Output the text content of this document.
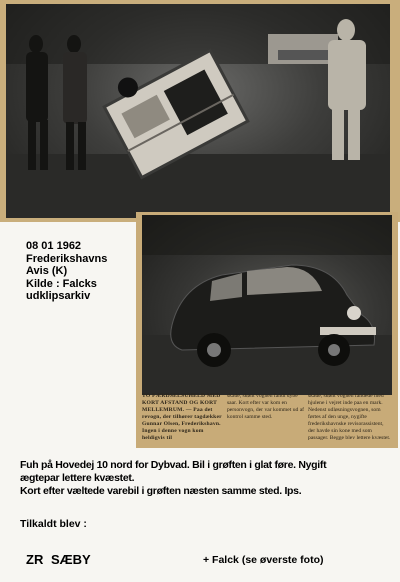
TO FÆRDSELSUHELD MED KORT AFSTAND OG KORT MELLEMRUM. — Paa det revogn, der tilhører tagdækker Gunnar Olsen, Frederikshavn. Ingen i denne vogn kom heldigvis til
skade, skønt vognen fandt dybe saar. Kort efter var kom en personvogn, der var kommet ud af kontrol samme sted.
skade, skønt vognen fandede med hjulene i vejret inde paa en mark. Nedenst udløsningsvognen, som førtes af den unge, nygifte frederikshavnske revisorassistent, der havde sin kone med som passager. Begge blev lettere kvæstet.
08 01 1962
Frederikshavns
Avis (K)
Kilde : Falcks
udklipsarkiv
Fuh på Hovedej 10 nord for Dybvad. Bil i grøften i glat føre. Nygift
ægtepar lettere kvæstet.
Kort efter væltede varebil i grøften næsten samme sted. Ips.
Tilkaldt blev :
ZR SÆBY	+ Falck (se øverste foto)
